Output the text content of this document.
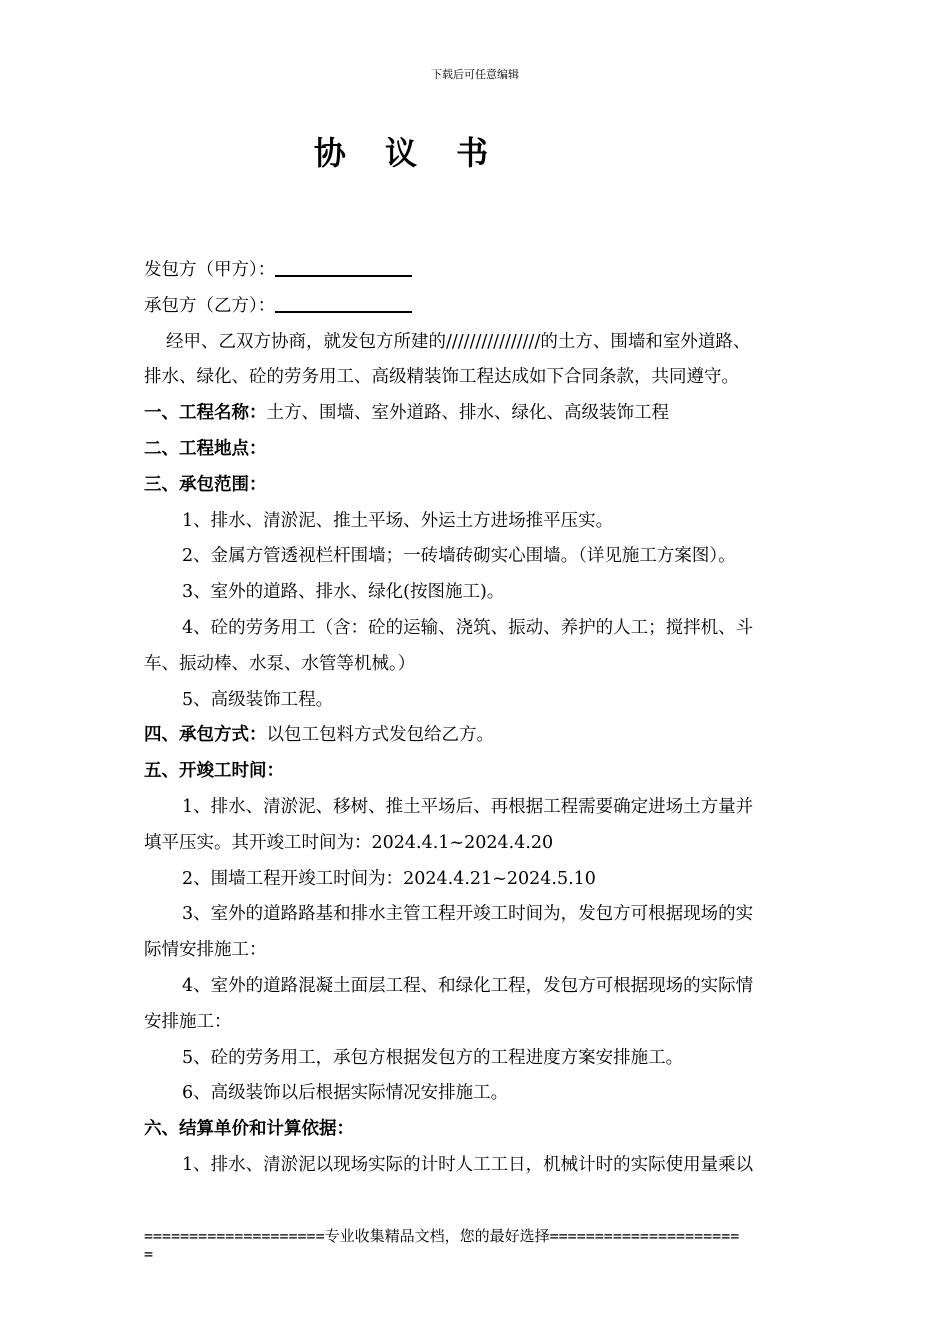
下载后可任意编辑
协 议 书
发包方（甲方）：
承包方（乙方）：
经甲、乙双方协商，就发包方所建的////////////////的土方、围墙和室外道路、
排水、绿化、砼的劳务用工、高级精装饰工程达成如下合同条款，共同遵守。
一、工程名称：土方、围墙、室外道路、排水、绿化、高级装饰工程
二、工程地点：
三、承包范围：
1、排水、清淤泥、推土平场、外运土方进场推平压实。
2、金属方管透视栏杆围墙；一砖墙砖砌实心围墙。（详见施工方案图）。
3、室外的道路、排水、绿化(按图施工)。
4、砼的劳务用工（含：砼的运输、浇筑、振动、养护的人工；搅拌机、斗
车、振动棒、水泵、水管等机械。）
5、高级装饰工程。
四、承包方式：以包工包料方式发包给乙方。
五、开竣工时间：
1、排水、清淤泥、移树、推土平场后、再根据工程需要确定进场土方量并
填平压实。其开竣工时间为：2024.4.1~2024.4.20
2、围墙工程开竣工时间为：2024.4.21~2024.5.10
3、室外的道路路基和排水主管工程开竣工时间为，发包方可根据现场的实
际情安排施工：
4、室外的道路混凝土面层工程、和绿化工程，发包方可根据现场的实际情
安排施工：
5、砼的劳务用工，承包方根据发包方的工程进度方案安排施工。
6、高级装饰以后根据实际情况安排施工。
六、结算单价和计算依据：
1、排水、清淤泥以现场实际的计时人工工日，机械计时的实际使用量乘以
====================专业收集精品文档，您的最好选择=====================
=
